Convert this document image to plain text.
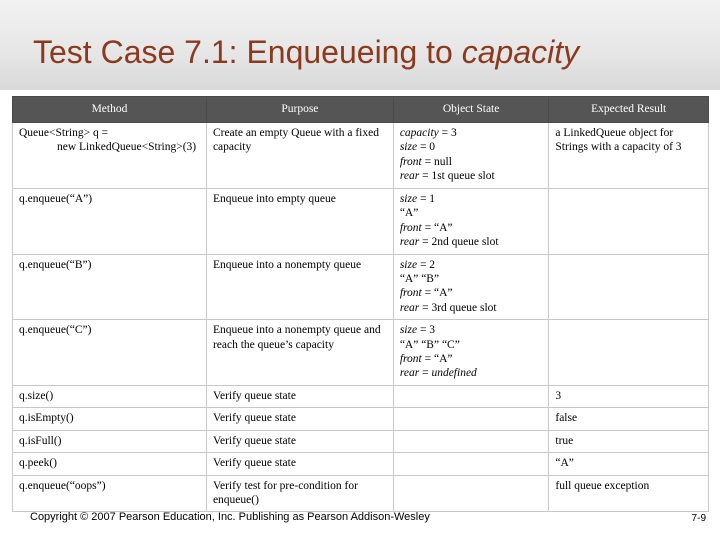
Test Case 7.1: Enqueueing to capacity
Method	Purpose	Object State	Expected Result

Queue<String> q =
new LinkedQueue<String>(3)	Create an empty Queue with a fixed capacity	capacity = 3
size = 0
front = null
rear = 1st queue slot	a LinkedQueue object for Strings with a capacity of 3
q.enqueue(“A”)	Enqueue into empty queue	size = 1
“A”
front = “A”
rear = 2nd queue slot	

q.enqueue(“B”)	Enqueue into a nonempty queue	size = 2
“A” “B”
front = “A”
rear = 3rd queue slot	

q.enqueue(“C”)	Enqueue into a nonempty queue and reach the queue’s capacity	size = 3
“A” “B” “C”
front = “A”
rear = undefined	

q.size()	Verify queue state		3
q.isEmpty()	Verify queue state		false
q.isFull()	Verify queue state		true
q.peek()	Verify queue state		“A”
q.enqueue(“oops”)	Verify test for pre-condition for enqueue()		full queue exception
Copyright © 2007 Pearson Education, Inc. Publishing as Pearson Addison-Wesley	7-9
